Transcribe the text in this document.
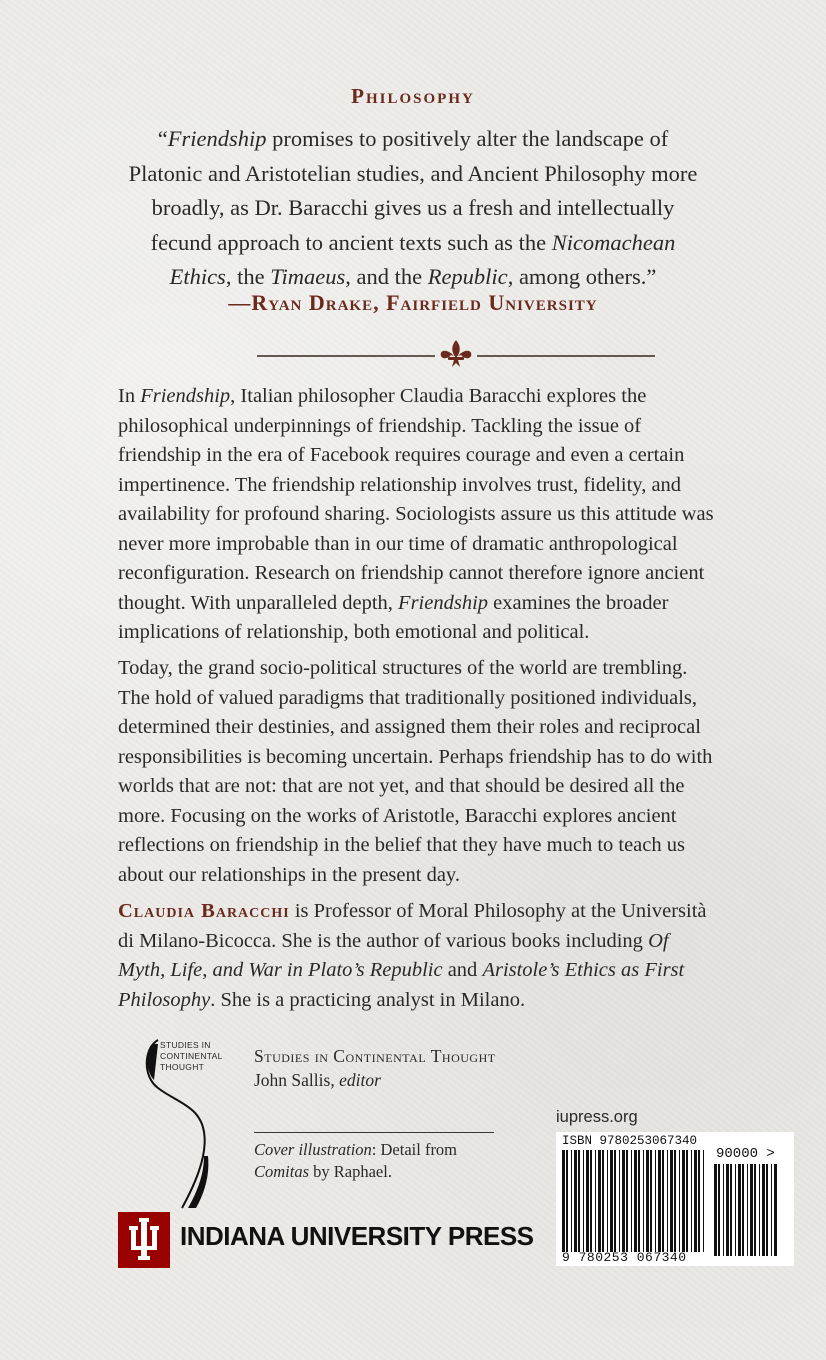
Philosophy
“Friendship promises to positively alter the landscape of Platonic and Aristotelian studies, and Ancient Philosophy more broadly, as Dr. Baracchi gives us a fresh and intellectually fecund approach to ancient texts such as the Nicomachean Ethics, the Timaeus, and the Republic, among others.”
—Ryan Drake, Fairfield University

In Friendship, Italian philosopher Claudia Baracchi explores the philosophical underpinnings of friendship. Tackling the issue of friendship in the era of Facebook requires courage and even a certain impertinence. The friendship relationship involves trust, fidelity, and availability for profound sharing. Sociologists assure us this attitude was never more improbable than in our time of dramatic anthropological reconfiguration. Research on friendship cannot therefore ignore ancient thought. With unparalleled depth, Friendship examines the broader implications of relationship, both emotional and political.

Today, the grand socio-political structures of the world are trembling. The hold of valued paradigms that traditionally positioned individuals, determined their destinies, and assigned them their roles and reciprocal responsibilities is becoming uncertain. Perhaps friendship has to do with worlds that are not: that are not yet, and that should be desired all the more. Focusing on the works of Aristotle, Baracchi explores ancient reflections on friendship in the belief that they have much to teach us about our relationships in the present day.

Claudia Baracchi is Professor of Moral Philosophy at the Università di Milano-Bicocca. She is the author of various books including Of Myth, Life, and War in Plato’s Republic and Aristole’s Ethics as First Philosophy. She is a practicing analyst in Milano.

STUDIES IN
CONTINENTAL
THOUGHT
Studies in Continental Thought
John Sallis, editor
Cover illustration: Detail from Comitas by Raphael.
iupress.org
ISBN 9780253067340
90000 >
9 780253 067340
INDIANA UNIVERSITY PRESS
